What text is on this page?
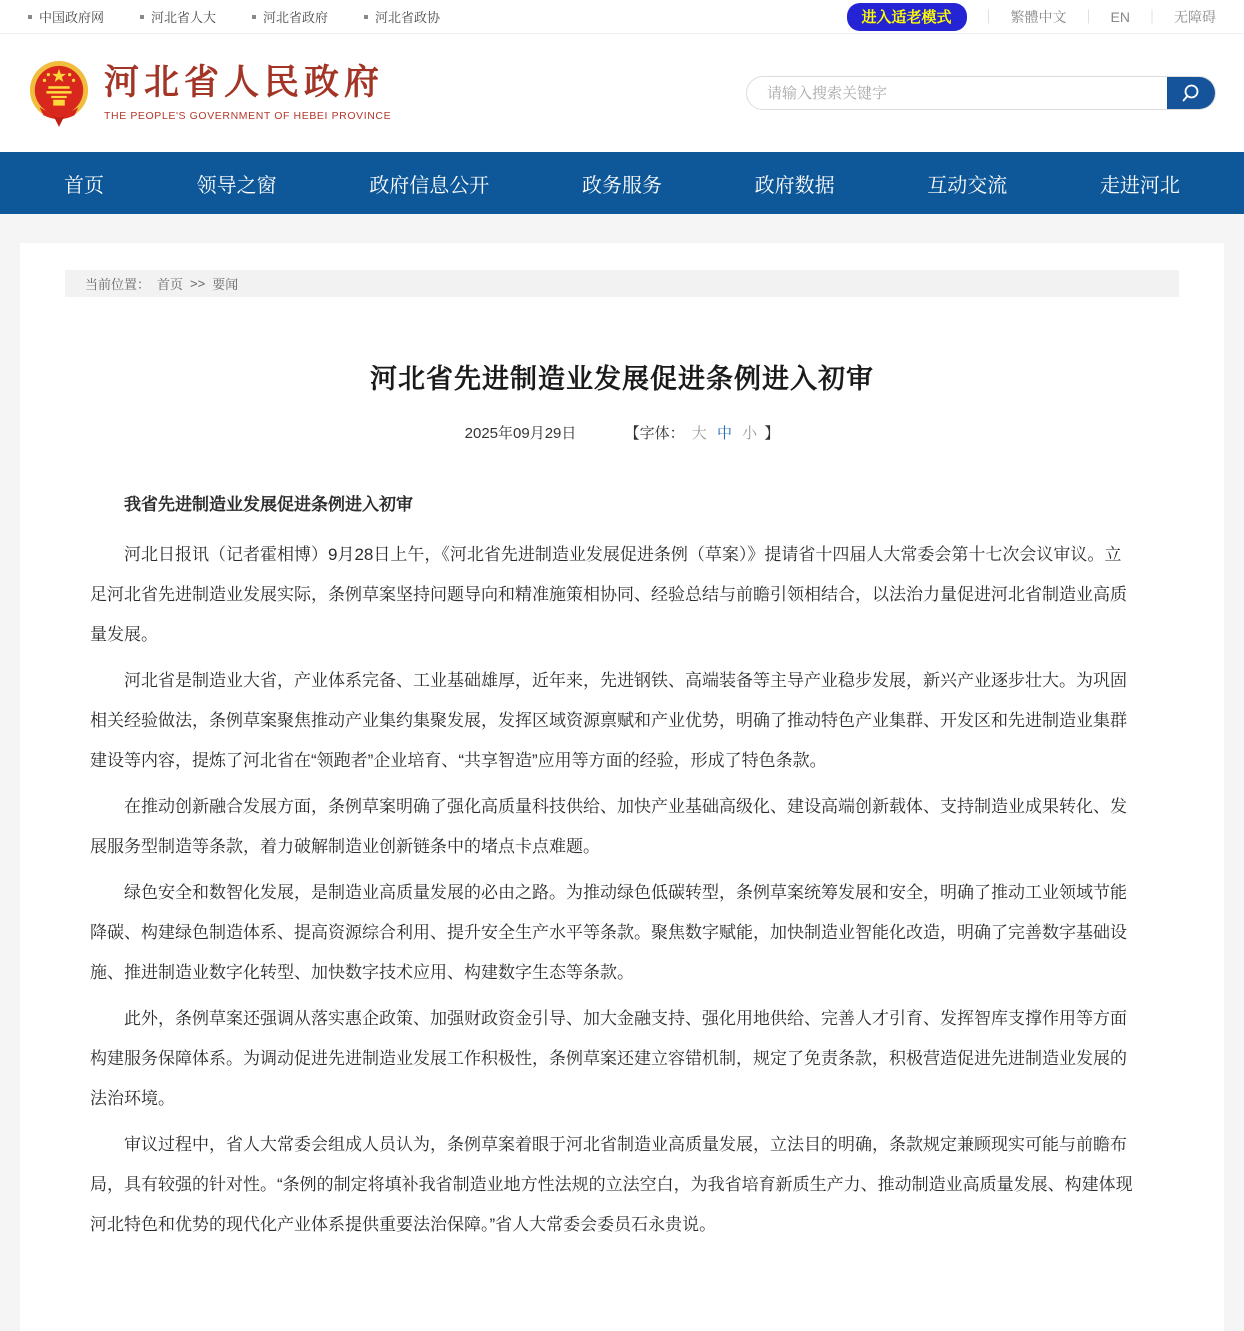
中国政府网	河北省人大	河北省政府	河北省政协	进入适老模式	｜ 繁體中文 ｜ EN ｜ 无障碍
河北省人民政府
THE PEOPLE'S GOVERNMENT OF HEBEI PROVINCE
请输入搜索关键字
首页	领导之窗	政府信息公开	政务服务	政府数据	互动交流	走进河北
当前位置： 首页 >> 要闻
河北省先进制造业发展促进条例进入初审
2025年09月29日	【字体： 大 中 小 】

我省先进制造业发展促进条例进入初审

河北日报讯（记者霍相博）9月28日上午，《河北省先进制造业发展促进条例（草案）》提请省十四届人大常委会第十七次会议审议。立足河北省先进制造业发展实际，条例草案坚持问题导向和精准施策相协同、经验总结与前瞻引领相结合，以法治力量促进河北省制造业高质量发展。

河北省是制造业大省，产业体系完备、工业基础雄厚，近年来，先进钢铁、高端装备等主导产业稳步发展，新兴产业逐步壮大。为巩固相关经验做法，条例草案聚焦推动产业集约集聚发展，发挥区域资源禀赋和产业优势，明确了推动特色产业集群、开发区和先进制造业集群建设等内容，提炼了河北省在“领跑者”企业培育、“共享智造”应用等方面的经验，形成了特色条款。

在推动创新融合发展方面，条例草案明确了强化高质量科技供给、加快产业基础高级化、建设高端创新载体、支持制造业成果转化、发展服务型制造等条款，着力破解制造业创新链条中的堵点卡点难题。

绿色安全和数智化发展，是制造业高质量发展的必由之路。为推动绿色低碳转型，条例草案统筹发展和安全，明确了推动工业领域节能降碳、构建绿色制造体系、提高资源综合利用、提升安全生产水平等条款。聚焦数字赋能，加快制造业智能化改造，明确了完善数字基础设施、推进制造业数字化转型、加快数字技术应用、构建数字生态等条款。

此外，条例草案还强调从落实惠企政策、加强财政资金引导、加大金融支持、强化用地供给、完善人才引育、发挥智库支撑作用等方面构建服务保障体系。为调动促进先进制造业发展工作积极性，条例草案还建立容错机制，规定了免责条款，积极营造促进先进制造业发展的法治环境。

审议过程中，省人大常委会组成人员认为，条例草案着眼于河北省制造业高质量发展，立法目的明确，条款规定兼顾现实可能与前瞻布局，具有较强的针对性。“条例的制定将填补我省制造业地方性法规的立法空白，为我省培育新质生产力、推动制造业高质量发展、构建体现河北特色和优势的现代化产业体系提供重要法治保障。”省人大常委会委员石永贵说。
